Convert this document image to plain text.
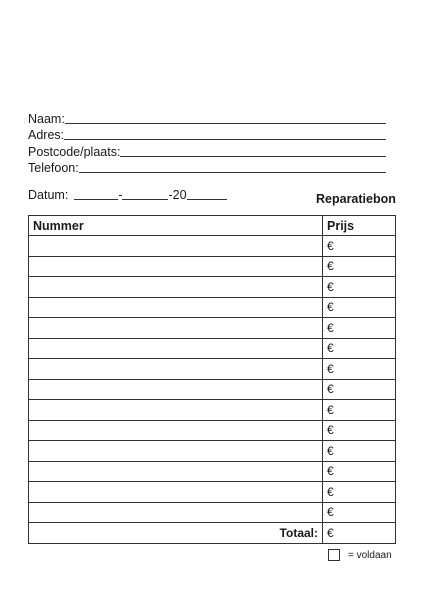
Naam:
Adres:
Postcode/plaats:
Telefoon:
Datum:	-	-20	Reparatiebon
Nummer	Prijs
	€
	€
	€
	€
	€
	€
	€
	€
	€
	€
	€
	€
	€
	€
Totaal:	€
= voldaan
